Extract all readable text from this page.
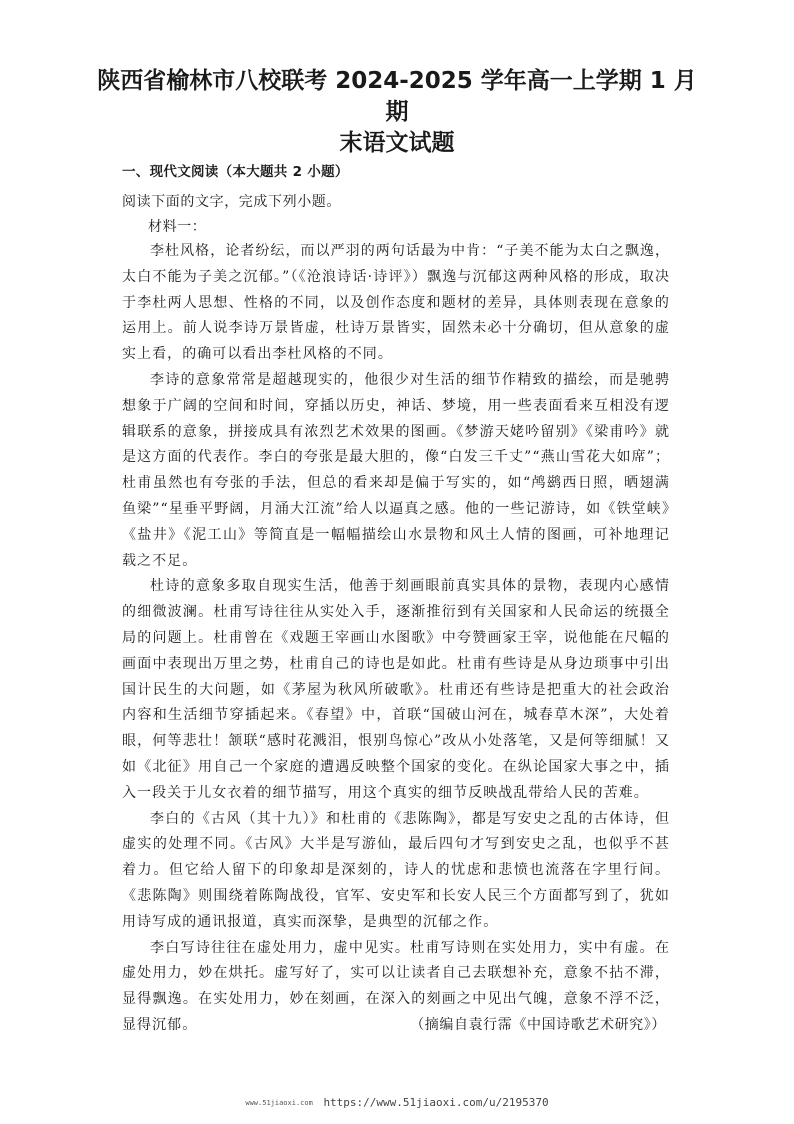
陕西省榆林市八校联考 2024-2025 学年高一上学期 1 月期
末语文试题
一、现代文阅读（本大题共 2 小题）
阅读下面的文字，完成下列小题。
材料一：

李杜风格，论者纷纭，而以严羽的两句话最为中肯：“子美不能为太白之飘逸，太白不能为子美之沉郁。”（《沧浪诗话·诗评》）飘逸与沉郁这两种风格的形成，取决于李杜两人思想、性格的不同，以及创作态度和题材的差异，具体则表现在意象的运用上。前人说李诗万景皆虚，杜诗万景皆实，固然未必十分确切，但从意象的虚实上看，的确可以看出李杜风格的不同。

李诗的意象常常是超越现实的，他很少对生活的细节作精致的描绘，而是驰骋想象于广阔的空间和时间，穿插以历史，神话、梦境，用一些表面看来互相没有逻辑联系的意象，拼接成具有浓烈艺术效果的图画。《梦游天姥吟留别》《梁甫吟》就是这方面的代表作。李白的夸张是最大胆的，像“白发三千丈”“燕山雪花大如席”；杜甫虽然也有夸张的手法，但总的看来却是偏于写实的，如“鸬鹚西日照，晒翅满鱼梁”“星垂平野阔，月涌大江流”给人以逼真之感。他的一些记游诗，如《铁堂峡》《盐井》《泥工山》等简直是一幅幅描绘山水景物和风土人情的图画，可补地理记载之不足。

杜诗的意象多取自现实生活，他善于刻画眼前真实具体的景物，表现内心感情的细微波澜。杜甫写诗往往从实处入手，逐渐推衍到有关国家和人民命运的统摄全局的问题上。杜甫曾在《戏题王宰画山水图歌》中夸赞画家王宰，说他能在尺幅的画面中表现出万里之势，杜甫自己的诗也是如此。杜甫有些诗是从身边琐事中引出国计民生的大问题，如《茅屋为秋风所破歌》。杜甫还有些诗是把重大的社会政治内容和生活细节穿插起来。《春望》中，首联“国破山河在，城春草木深”，大处着眼，何等悲壮！颔联“感时花溅泪，恨别鸟惊心”改从小处落笔，又是何等细腻！又如《北征》用自己一个家庭的遭遇反映整个国家的变化。在纵论国家大事之中，插入一段关于儿女衣着的细节描写，用这个真实的细节反映战乱带给人民的苦难。

李白的《古风（其十九）》和杜甫的《悲陈陶》，都是写安史之乱的古体诗，但虚实的处理不同。《古风》大半是写游仙，最后四句才写到安史之乱，也似乎不甚着力。但它给人留下的印象却是深刻的，诗人的忧虑和悲愤也流落在字里行间。《悲陈陶》则围绕着陈陶战役，官军、安史军和长安人民三个方面都写到了，犹如用诗写成的通讯报道，真实而深挚，是典型的沉郁之作。

李白写诗往往在虚处用力，虚中见实。杜甫写诗则在实处用力，实中有虚。在虚处用力，妙在烘托。虚写好了，实可以让读者自己去联想补充，意象不拈不滞，显得飘逸。在实处用力，妙在刻画，在深入的刻画之中见出气魄，意象不浮不泛，显得沉郁。	（摘编自袁行霈《中国诗歌艺术研究》）
www.51jiaoxi.com https://www.51jiaoxi.com/u/2195370
